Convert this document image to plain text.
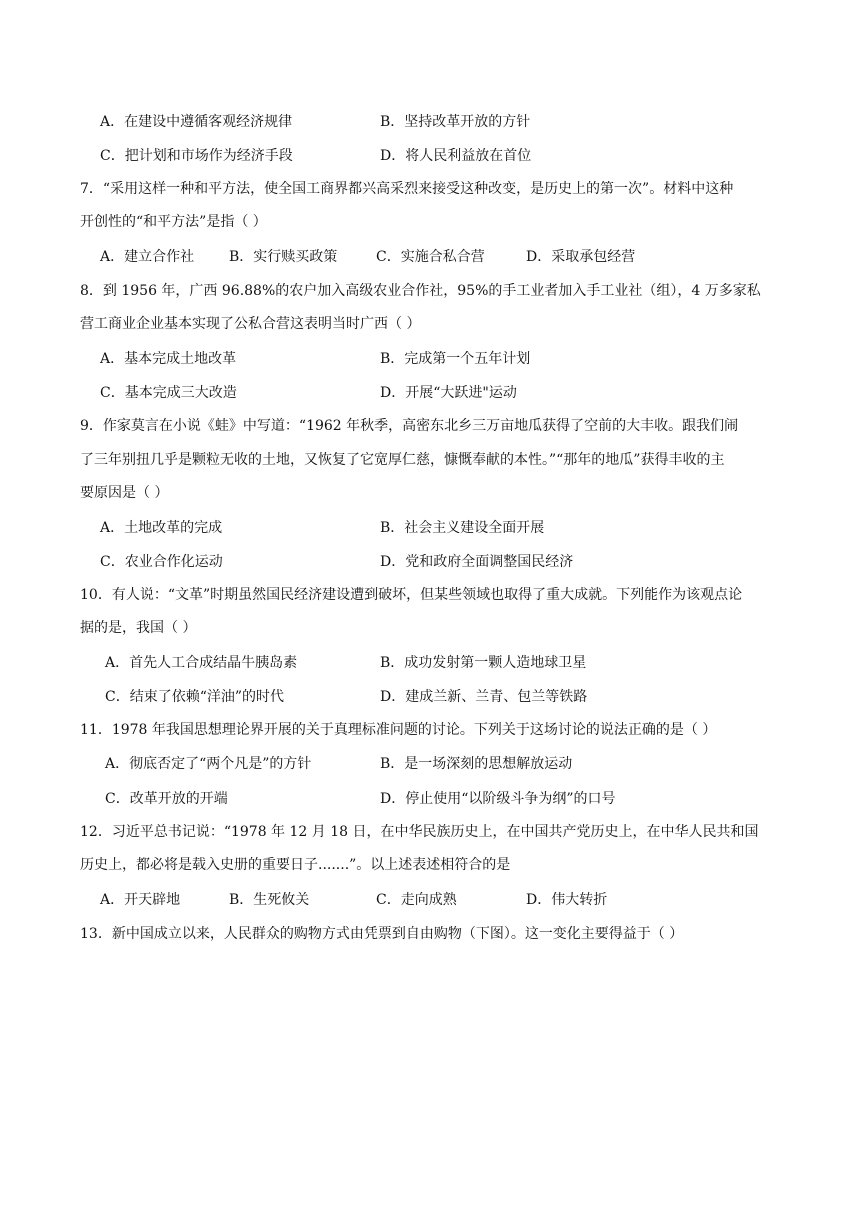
A．在建设中遵循客观经济规律	B．坚持改革开放的方针
C．把计划和市场作为经济手段	D．将人民利益放在首位
7．“采用这样一种和平方法，使全国工商界都兴高采烈来接受这种改变，是历史上的第一次”。材料中这种
开创性的“和平方法”是指（ ）
A．建立合作社 B．实行赎买政策	C．实施合私合营	D．采取承包经营
8．到 1956 年，广西 96.88%的农户加入高级农业合作社，95%的手工业者加入手工业社（组），4 万多家私
营工商业企业基本实现了公私合营这表明当时广西（ ）
A．基本完成土地改革	B．完成第一个五年计划
C．基本完成三大改造	D．开展“大跃进"运动
9．作家莫言在小说《蛙》中写道：“1962 年秋季，高密东北乡三万亩地瓜获得了空前的大丰收。跟我们闹
了三年别扭几乎是颗粒无收的土地，又恢复了它宽厚仁慈，慷慨奉献的本性。”“那年的地瓜”获得丰收的主
要原因是（ ）
A．土地改革的完成	B．社会主义建设全面开展
C．农业合作化运动	D．党和政府全面调整国民经济
10．有人说：“文革”时期虽然国民经济建设遭到破坏，但某些领域也取得了重大成就。下列能作为该观点论
据的是，我国（ ）
A．首先人工合成结晶牛胰岛素	B．成功发射第一颗人造地球卫星
C．结束了依赖“洋油”的时代	D．建成兰新、兰青、包兰等铁路
11．1978 年我国思想理论界开展的关于真理标准问题的讨论。下列关于这场讨论的说法正确的是（ ）
A．彻底否定了“两个凡是”的方针	B．是一场深刻的思想解放运动
C．改革开放的开端	D．停止使用“以阶级斗争为纲”的口号
12．习近平总书记说：“1978 年 12 月 18 日，在中华民族历史上，在中国共产党历史上，在中华人民共和国
历史上，都必将是载入史册的重要日子.......”。以上述表述相符合的是
A．开天辟地	B．生死攸关	C．走向成熟	D．伟大转折
13．新中国成立以来，人民群众的购物方式由凭票到自由购物（下图）。这一变化主要得益于（ ）
